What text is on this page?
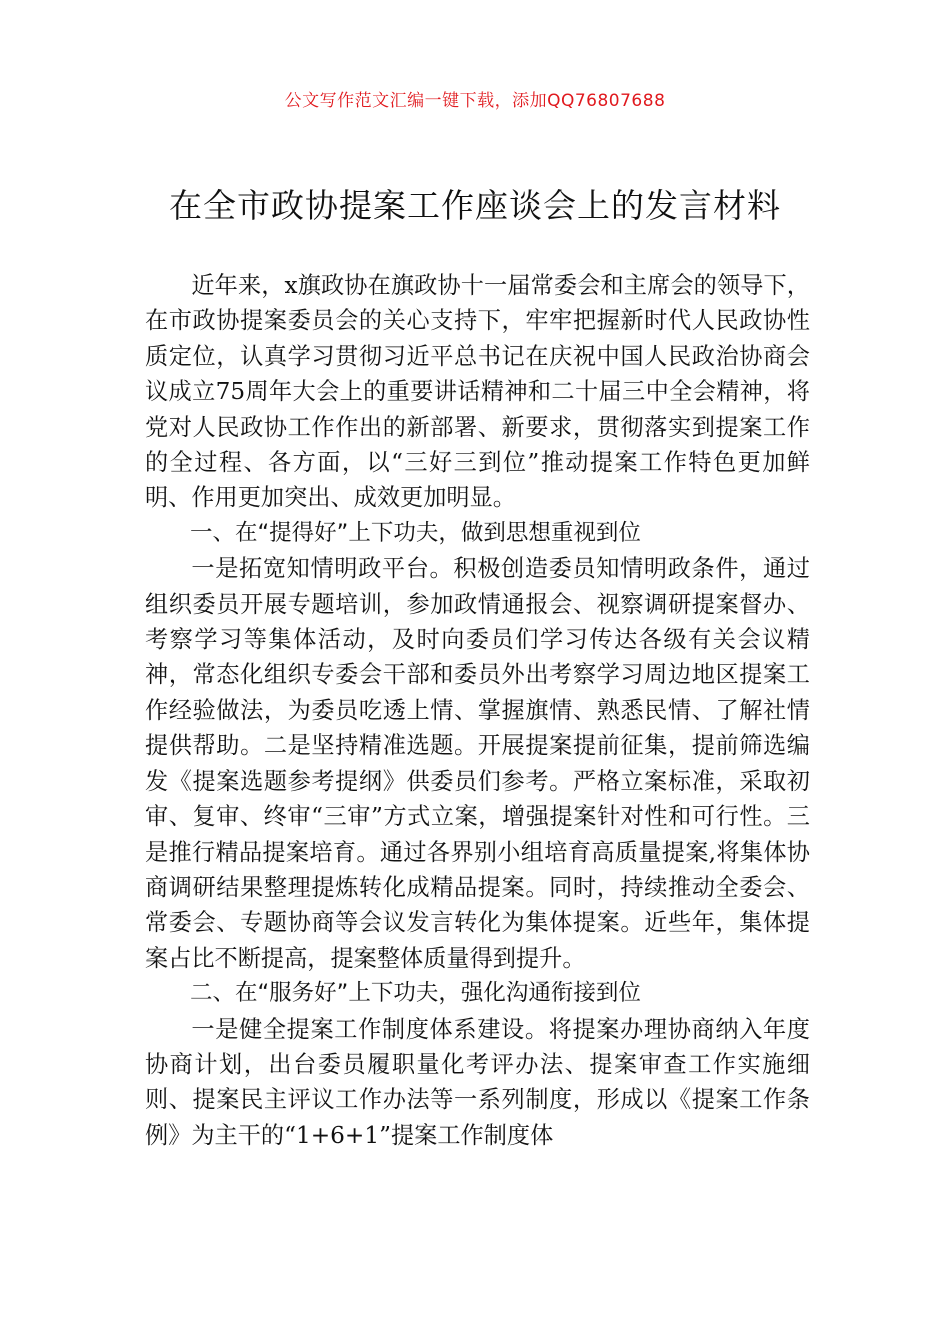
公文写作范文汇编一键下载，添加QQ76807688
在全市政协提案工作座谈会上的发言材料

近年来，x旗政协在旗政协十一届常委会和主席会的领导下，在市政协提案委员会的关心支持下，牢牢把握新时代人民政协性质定位，认真学习贯彻习近平总书记在庆祝中国人民政治协商会议成立75周年大会上的重要讲话精神和二十届三中全会精神，将党对人民政协工作作出的新部署、新要求，贯彻落实到提案工作的全过程、各方面，以“三好三到位”推动提案工作特色更加鲜明、作用更加突出、成效更加明显。

一、在“提得好”上下功夫，做到思想重视到位

一是拓宽知情明政平台。积极创造委员知情明政条件，通过组织委员开展专题培训，参加政情通报会、视察调研提案督办、考察学习等集体活动，及时向委员们学习传达各级有关会议精神，常态化组织专委会干部和委员外出考察学习周边地区提案工作经验做法，为委员吃透上情、掌握旗情、熟悉民情、了解社情提供帮助。二是坚持精准选题。开展提案提前征集，提前筛选编发《提案选题参考提纲》供委员们参考。严格立案标准，采取初审、复审、终审“三审”方式立案，增强提案针对性和可行性。三是推行精品提案培育。通过各界别小组培育高质量提案,将集体协商调研结果整理提炼转化成精品提案。同时，持续推动全委会、常委会、专题协商等会议发言转化为集体提案。近些年，集体提案占比不断提高，提案整体质量得到提升。

二、在“服务好”上下功夫，强化沟通衔接到位

一是健全提案工作制度体系建设。将提案办理协商纳入年度协商计划，出台委员履职量化考评办法、提案审查工作实施细则、提案民主评议工作办法等一系列制度，形成以《提案工作条例》为主干的“1+6+1”提案工作制度体
